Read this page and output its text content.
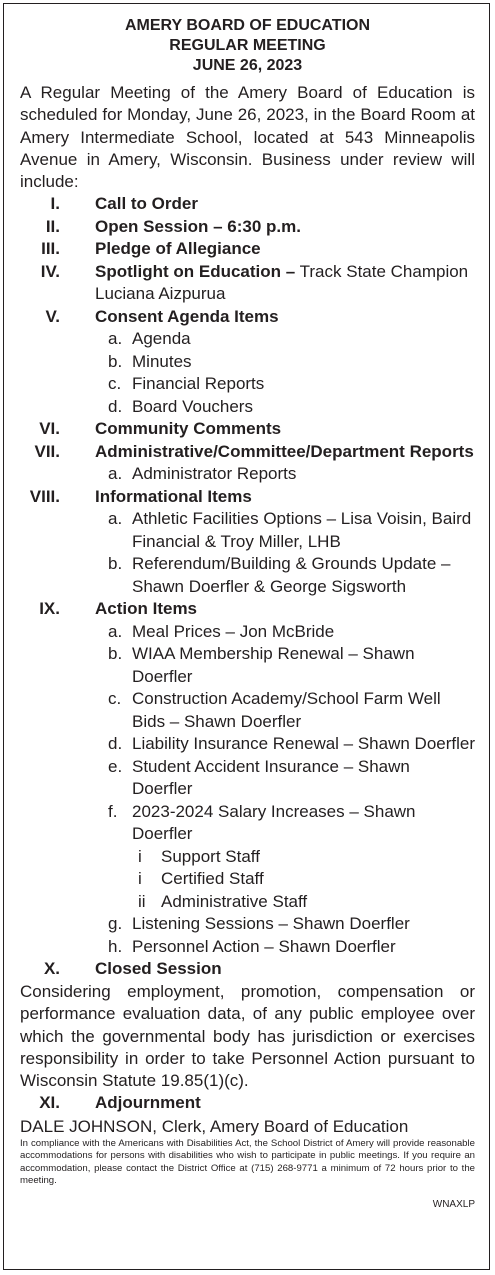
AMERY BOARD OF EDUCATION
REGULAR MEETING
JUNE 26, 2023
A Regular Meeting of the Amery Board of Education is scheduled for Monday, June 26, 2023, in the Board Room at Amery Intermediate School, located at 543 Minneapolis Avenue in Amery, Wisconsin. Business under review will include:
I. Call to Order
II. Open Session – 6:30 p.m.
III. Pledge of Allegiance
IV. Spotlight on Education – Track State Champion Luciana Aizpurua
V. Consent Agenda Items
a. Agenda
b. Minutes
c. Financial Reports
d. Board Vouchers
VI. Community Comments
VII. Administrative/Committee/Department Reports
a. Administrator Reports
VIII. Informational Items
a. Athletic Facilities Options – Lisa Voisin, Baird Financial & Troy Miller, LHB
b. Referendum/Building & Grounds Update – Shawn Doerfler & George Sigsworth
IX. Action Items
a. Meal Prices – Jon McBride
b. WIAA Membership Renewal – Shawn Doerfler
c. Construction Academy/School Farm Well Bids – Shawn Doerfler
d. Liability Insurance Renewal – Shawn Doerfler
e. Student Accident Insurance – Shawn Doerfler
f. 2023-2024 Salary Increases – Shawn Doerfler
i	Support Staff
i	Certified Staff
ii Administrative Staff
g. Listening Sessions – Shawn Doerfler
h. Personnel Action – Shawn Doerfler
X. Closed Session
Considering employment, promotion, compensation or performance evaluation data, of any public employee over which the governmental body has jurisdiction or exercises responsibility in order to take Personnel Action pursuant to Wisconsin Statute 19.85(1)(c).
XI. Adjournment
DALE JOHNSON, Clerk, Amery Board of Education
In compliance with the Americans with Disabilities Act, the School District of Amery will provide reasonable accommodations for persons with disabilities who wish to participate in public meetings. If you require an accommodation, please contact the District Office at (715) 268-9771 a minimum of 72 hours prior to the meeting.
WNAXLP
